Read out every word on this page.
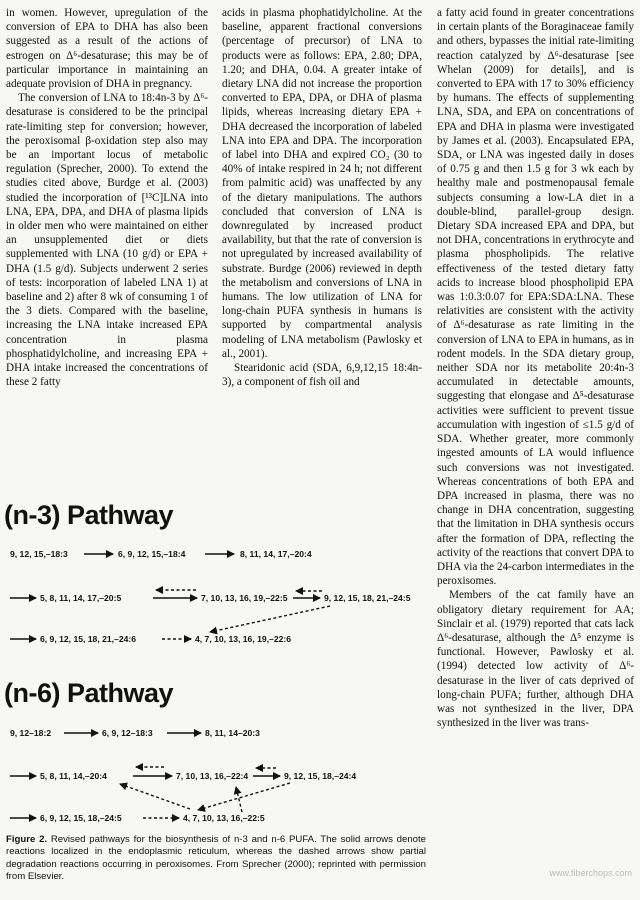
in women. However, upregulation of the conversion of EPA to DHA has also been suggested as a result of the actions of estrogen on Δ⁶-desaturase; this may be of particular importance in maintaining an adequate provision of DHA in pregnancy.

The conversion of LNA to 18:4n-3 by Δ⁶-desaturase is considered to be the principal rate-limiting step for conversion; however, the peroxisomal β-oxidation step also may be an important locus of metabolic regulation (Sprecher, 2000). To extend the studies cited above, Burdge et al. (2003) studied the incorporation of [¹³C]LNA into LNA, EPA, DPA, and DHA of plasma lipids in older men who were maintained on either an unsupplemented diet or diets supplemented with LNA (10 g/d) or EPA + DHA (1.5 g/d). Subjects underwent 2 series of tests: incorporation of labeled LNA 1) at baseline and 2) after 8 wk of consuming 1 of the 3 diets. Compared with the baseline, increasing the LNA intake increased EPA concentration in plasma phosphatidylcholine, and increasing EPA + DHA intake increased the concentrations of these 2 fatty

acids in plasma phophatidylcholine. At the baseline, apparent fractional conversions (percentage of precursor) of LNA to products were as follows: EPA, 2.80; DPA, 1.20; and DHA, 0.04. A greater intake of dietary LNA did not increase the proportion converted to EPA, DPA, or DHA of plasma lipids, whereas increasing dietary EPA + DHA decreased the incorporation of labeled LNA into EPA and DPA. The incorporation of label into DHA and expired CO₂ (30 to 40% of intake respired in 24 h; not different from palmitic acid) was unaffected by any of the dietary manipulations. The authors concluded that conversion of LNA is downregulated by increased product availability, but that the rate of conversion is not upregulated by increased availability of substrate. Burdge (2006) reviewed in depth the metabolism and conversions of LNA in humans. The low utilization of LNA for long-chain PUFA synthesis in humans is supported by compartmental analysis modeling of LNA metabolism (Pawlosky et al., 2001).

Stearidonic acid (SDA, 6,9,12,15 18:4n-3), a component of fish oil and

a fatty acid found in greater concentrations in certain plants of the Boraginaceae family and others, bypasses the initial rate-limiting reaction catalyzed by Δ⁶-desaturase [see Whelan (2009) for details], and is converted to EPA with 17 to 30% efficiency by humans. The effects of supplementing LNA, SDA, and EPA on concentrations of EPA and DHA in plasma were investigated by James et al. (2003). Encapsulated EPA, SDA, or LNA was ingested daily in doses of 0.75 g and then 1.5 g for 3 wk each by healthy male and postmenopausal female subjects consuming a low-LA diet in a double-blind, parallel-group design. Dietary SDA increased EPA and DPA, but not DHA, concentrations in erythrocyte and plasma phospholipids. The relative effectiveness of the tested dietary fatty acids to increase blood phospholipid EPA was 1:0.3:0.07 for EPA:SDA:LNA. These relativities are consistent with the activity of Δ⁶-desaturase as rate limiting in the conversion of LNA to EPA in humans, as in rodent models. In the SDA dietary group, neither SDA nor its metabolite 20:4n-3 accumulated in detectable amounts, suggesting that elongase and Δ⁵-desaturase activities were sufficient to prevent tissue accumulation with ingestion of ≤1.5 g/d of SDA. Whether greater, more commonly ingested amounts of LA would influence such conversions was not investigated. Whereas concentrations of both EPA and DPA increased in plasma, there was no change in DHA concentration, suggesting that the limitation in DHA synthesis occurs after the formation of DPA, reflecting the activity of the reactions that convert DPA to DHA via the 24-carbon intermediates in the peroxisomes.

Members of the cat family have an obligatory dietary requirement for AA; Sinclair et al. (1979) reported that cats lack Δ⁶-desaturase, although the Δ⁵ enzyme is functional. However, Pawlosky et al. (1994) detected low activity of Δ⁶-desaturase in the liver of cats deprived of long-chain PUFA; further, although DHA was not synthesized in the liver, DPA synthesized in the liver was trans-

(n-3) Pathway
(n-6) Pathway
9, 12, 15,–18:3	6, 9, 12, 15,–18:4	8, 11, 14, 17,–20:4
5, 8, 11, 14, 17,–20:5	7, 10, 13, 16, 19,–22:5	9, 12, 15, 18, 21,–24:5
6, 9, 12, 15, 18, 21,–24:6	4, 7, 10, 13, 16, 19,–22:6
9, 12–18:2	6, 9, 12–18:3	8, 11, 14–20:3
5, 8, 11, 14,–20:4	7, 10, 13, 16,–22:4	9, 12, 15, 18,–24:4
6, 9, 12, 15, 18,–24:5	4, 7, 10, 13, 16,–22:5
Figure 2. Revised pathways for the biosynthesis of n-3 and n-6 PUFA. The solid arrows denote reactions localized in the endoplasmic reticulum, whereas the dashed arrows show partial degradation reactions occurring in peroxisomes. From Sprecher (2000); reprinted with permission from Elsevier.	www.fiberchops.com
